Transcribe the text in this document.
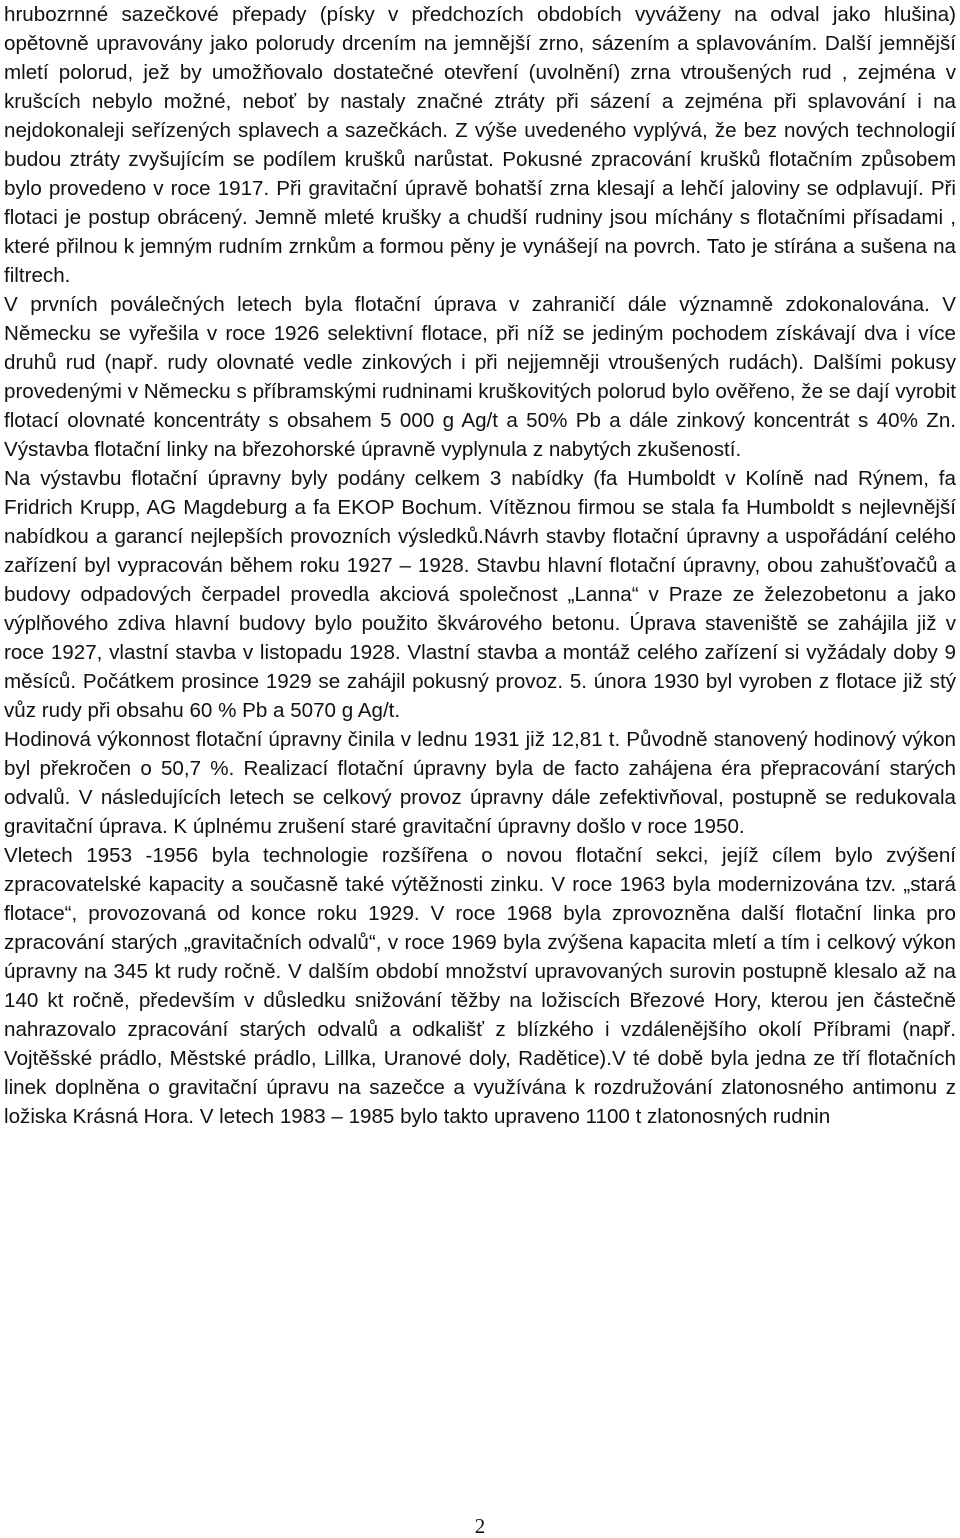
hrubozrnné sazečkové přepady (písky v předchozích obdobích vyváženy na odval jako hlušina) opětovně upravovány jako polorudy drcením na jemnější zrno, sázením a splavováním. Další jemnější mletí polorud, jež by umožňovalo dostatečné otevření (uvolnění) zrna vtroušených rud , zejména v krušcích nebylo možné, neboť by nastaly značné ztráty při sázení a zejména při splavování i na nejdokonaleji seřízených splavech a sazečkách. Z výše uvedeného vyplývá, že bez nových technologií budou ztráty zvyšujícím se podílem krušků narůstat. Pokusné zpracování krušků flotačním způsobem bylo provedeno v roce 1917. Při gravitační úpravě bohatší zrna klesají a lehčí jaloviny se odplavují. Při flotaci je postup obrácený. Jemně mleté krušky a chudší rudniny jsou míchány s flotačními přísadami , které přilnou k jemným rudním zrnkům a formou pěny je vynášejí na povrch. Tato je stírána a sušena na filtrech.

V prvních poválečných letech byla flotační úprava v zahraničí dále významně zdokonalována. V Německu se vyřešila v roce 1926 selektivní flotace, při níž se jediným pochodem získávají dva i více druhů rud (např. rudy olovnaté vedle zinkových i při nejjemněji vtroušených rudách). Dalšími pokusy provedenými v Německu s příbramskými rudninami kruškovitých polorud bylo ověřeno, že se dají vyrobit flotací olovnaté koncentráty s obsahem 5 000 g Ag/t a 50% Pb a dále zinkový koncentrát s 40% Zn. Výstavba flotační linky na březohorské úpravně vyplynula z nabytých zkušeností.

Na výstavbu flotační úpravny byly podány celkem 3 nabídky (fa Humboldt v Kolíně nad Rýnem, fa Fridrich Krupp, AG Magdeburg a fa EKOP Bochum. Vítěznou firmou se stala fa Humboldt s nejlevnější nabídkou a garancí nejlepších provozních výsledků.Návrh stavby flotační úpravny a uspořádání celého zařízení byl vypracován během roku 1927 – 1928. Stavbu hlavní flotační úpravny, obou zahušťovačů a budovy odpadových čerpadel provedla akciová společnost „Lanna“ v Praze ze železobetonu a jako výplňového zdiva hlavní budovy bylo použito škvárového betonu. Úprava staveniště se zahájila již v roce 1927, vlastní stavba v listopadu 1928. Vlastní stavba a montáž celého zařízení si vyžádaly doby 9 měsíců. Počátkem prosince 1929 se zahájil pokusný provoz. 5. února 1930 byl vyroben z flotace již stý vůz rudy při obsahu 60 % Pb a 5070 g Ag/t.

Hodinová výkonnost flotační úpravny činila v lednu 1931 již 12,81 t. Původně stanovený hodinový výkon byl překročen o 50,7 %. Realizací flotační úpravny byla de facto zahájena éra přepracování starých odvalů. V následujících letech se celkový provoz úpravny dále zefektivňoval, postupně se redukovala gravitační úprava. K úplnému zrušení staré gravitační úpravny došlo v roce 1950.

Vletech 1953 -1956 byla technologie rozšířena o novou flotační sekci, jejíž cílem bylo zvýšení zpracovatelské kapacity a současně také výtěžnosti zinku. V roce 1963 byla modernizována tzv. „stará flotace“, provozovaná od konce roku 1929. V roce 1968 byla zprovozněna další flotační linka pro zpracování starých „gravitačních odvalů“, v roce 1969 byla zvýšena kapacita mletí a tím i celkový výkon úpravny na 345 kt rudy ročně. V dalším období množství upravovaných surovin postupně klesalo až na 140 kt ročně, především v důsledku snižování těžby na ložiscích Březové Hory, kterou jen částečně nahrazovalo zpracování starých odvalů a odkališť z blízkého i vzdálenějšího okolí Příbrami (např. Vojtěšské prádlo, Městské prádlo, Lillka, Uranové doly, Radětice).V té době byla jedna ze tří flotačních linek doplněna o gravitační úpravu na sazečce a využívána k rozdružování zlatonosného antimonu z ložiska Krásná Hora. V letech 1983 – 1985 bylo takto upraveno 1100 t zlatonosných rudnin

2
